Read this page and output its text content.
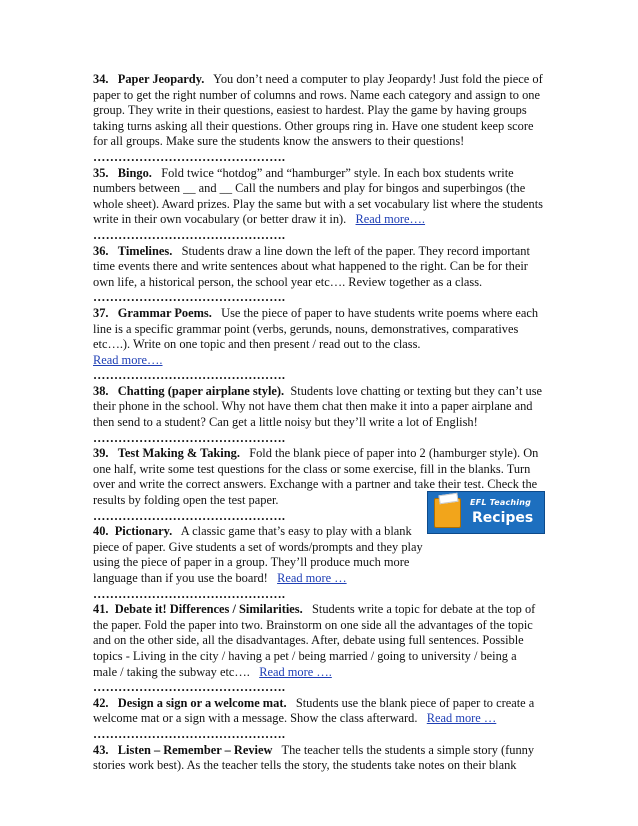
34. Paper Jeopardy. You don’t need a computer to play Jeopardy! Just fold the piece of paper to get the right number of columns and rows. Name each category and assign to one group. They write in their questions, easiest to hardest. Play the game by having groups taking turns asking all their questions. Other groups ring in. Have one student keep score for all groups. Make sure the students know the answers to their questions!

……………………………………….

35. Bingo. Fold twice “hotdog” and “hamburger” style. In each box students write numbers between __ and __ Call the numbers and play for bingos and superbingos (the whole sheet). Award prizes. Play the same but with a set vocabulary list where the students write in their own vocabulary (or better draw it in). Read more….

……………………………………….

36. Timelines. Students draw a line down the left of the paper. They record important time events there and write sentences about what happened to the right. Can be for their own life, a historical person, the school year etc…. Review together as a class.

……………………………………….

37. Grammar Poems. Use the piece of paper to have students write poems where each line is a specific grammar point (verbs, gerunds, nouns, demonstratives, comparatives etc….). Write on one topic and then present / read out to the class.
Read more….

……………………………………….

38. Chatting (paper airplane style). Students love chatting or texting but they can’t use their phone in the school. Why not have them chat then make it into a paper airplane and then send to a student? Can get a little noisy but they’ll write a lot of English!

……………………………………….

39. Test Making & Taking. Fold the blank piece of paper into 2 (hamburger style). On one half, write some test questions for the class or some exercise, fill in the blanks. Turn over and write the correct answers. Exchange with a partner and take their test. Check the results by folding open the test paper.

……………………………………….

40. Pictionary. A classic game that’s easy to play with a blank piece of paper. Give students a set of words/prompts and they play using the piece of paper in a group. They’ll produce much more language than if you use the board! Read more …

……………………………………….

41. Debate it! Differences / Similarities. Students write a topic for debate at the top of the paper. Fold the paper into two. Brainstorm on one side all the advantages of the topic and on the other side, all the disadvantages. After, debate using full sentences. Possible topics - Living in the city / having a pet / being married / going to university / being a male / taking the subway etc…. Read more ….

……………………………………….

42. Design a sign or a welcome mat. Students use the blank piece of paper to create a welcome mat or a sign with a message. Show the class afterward. Read more …

……………………………………….

43. Listen – Remember – Review The teacher tells the students a simple story (funny stories work best). As the teacher tells the story, the students take notes on their blank

EFL Teaching
Recipes
